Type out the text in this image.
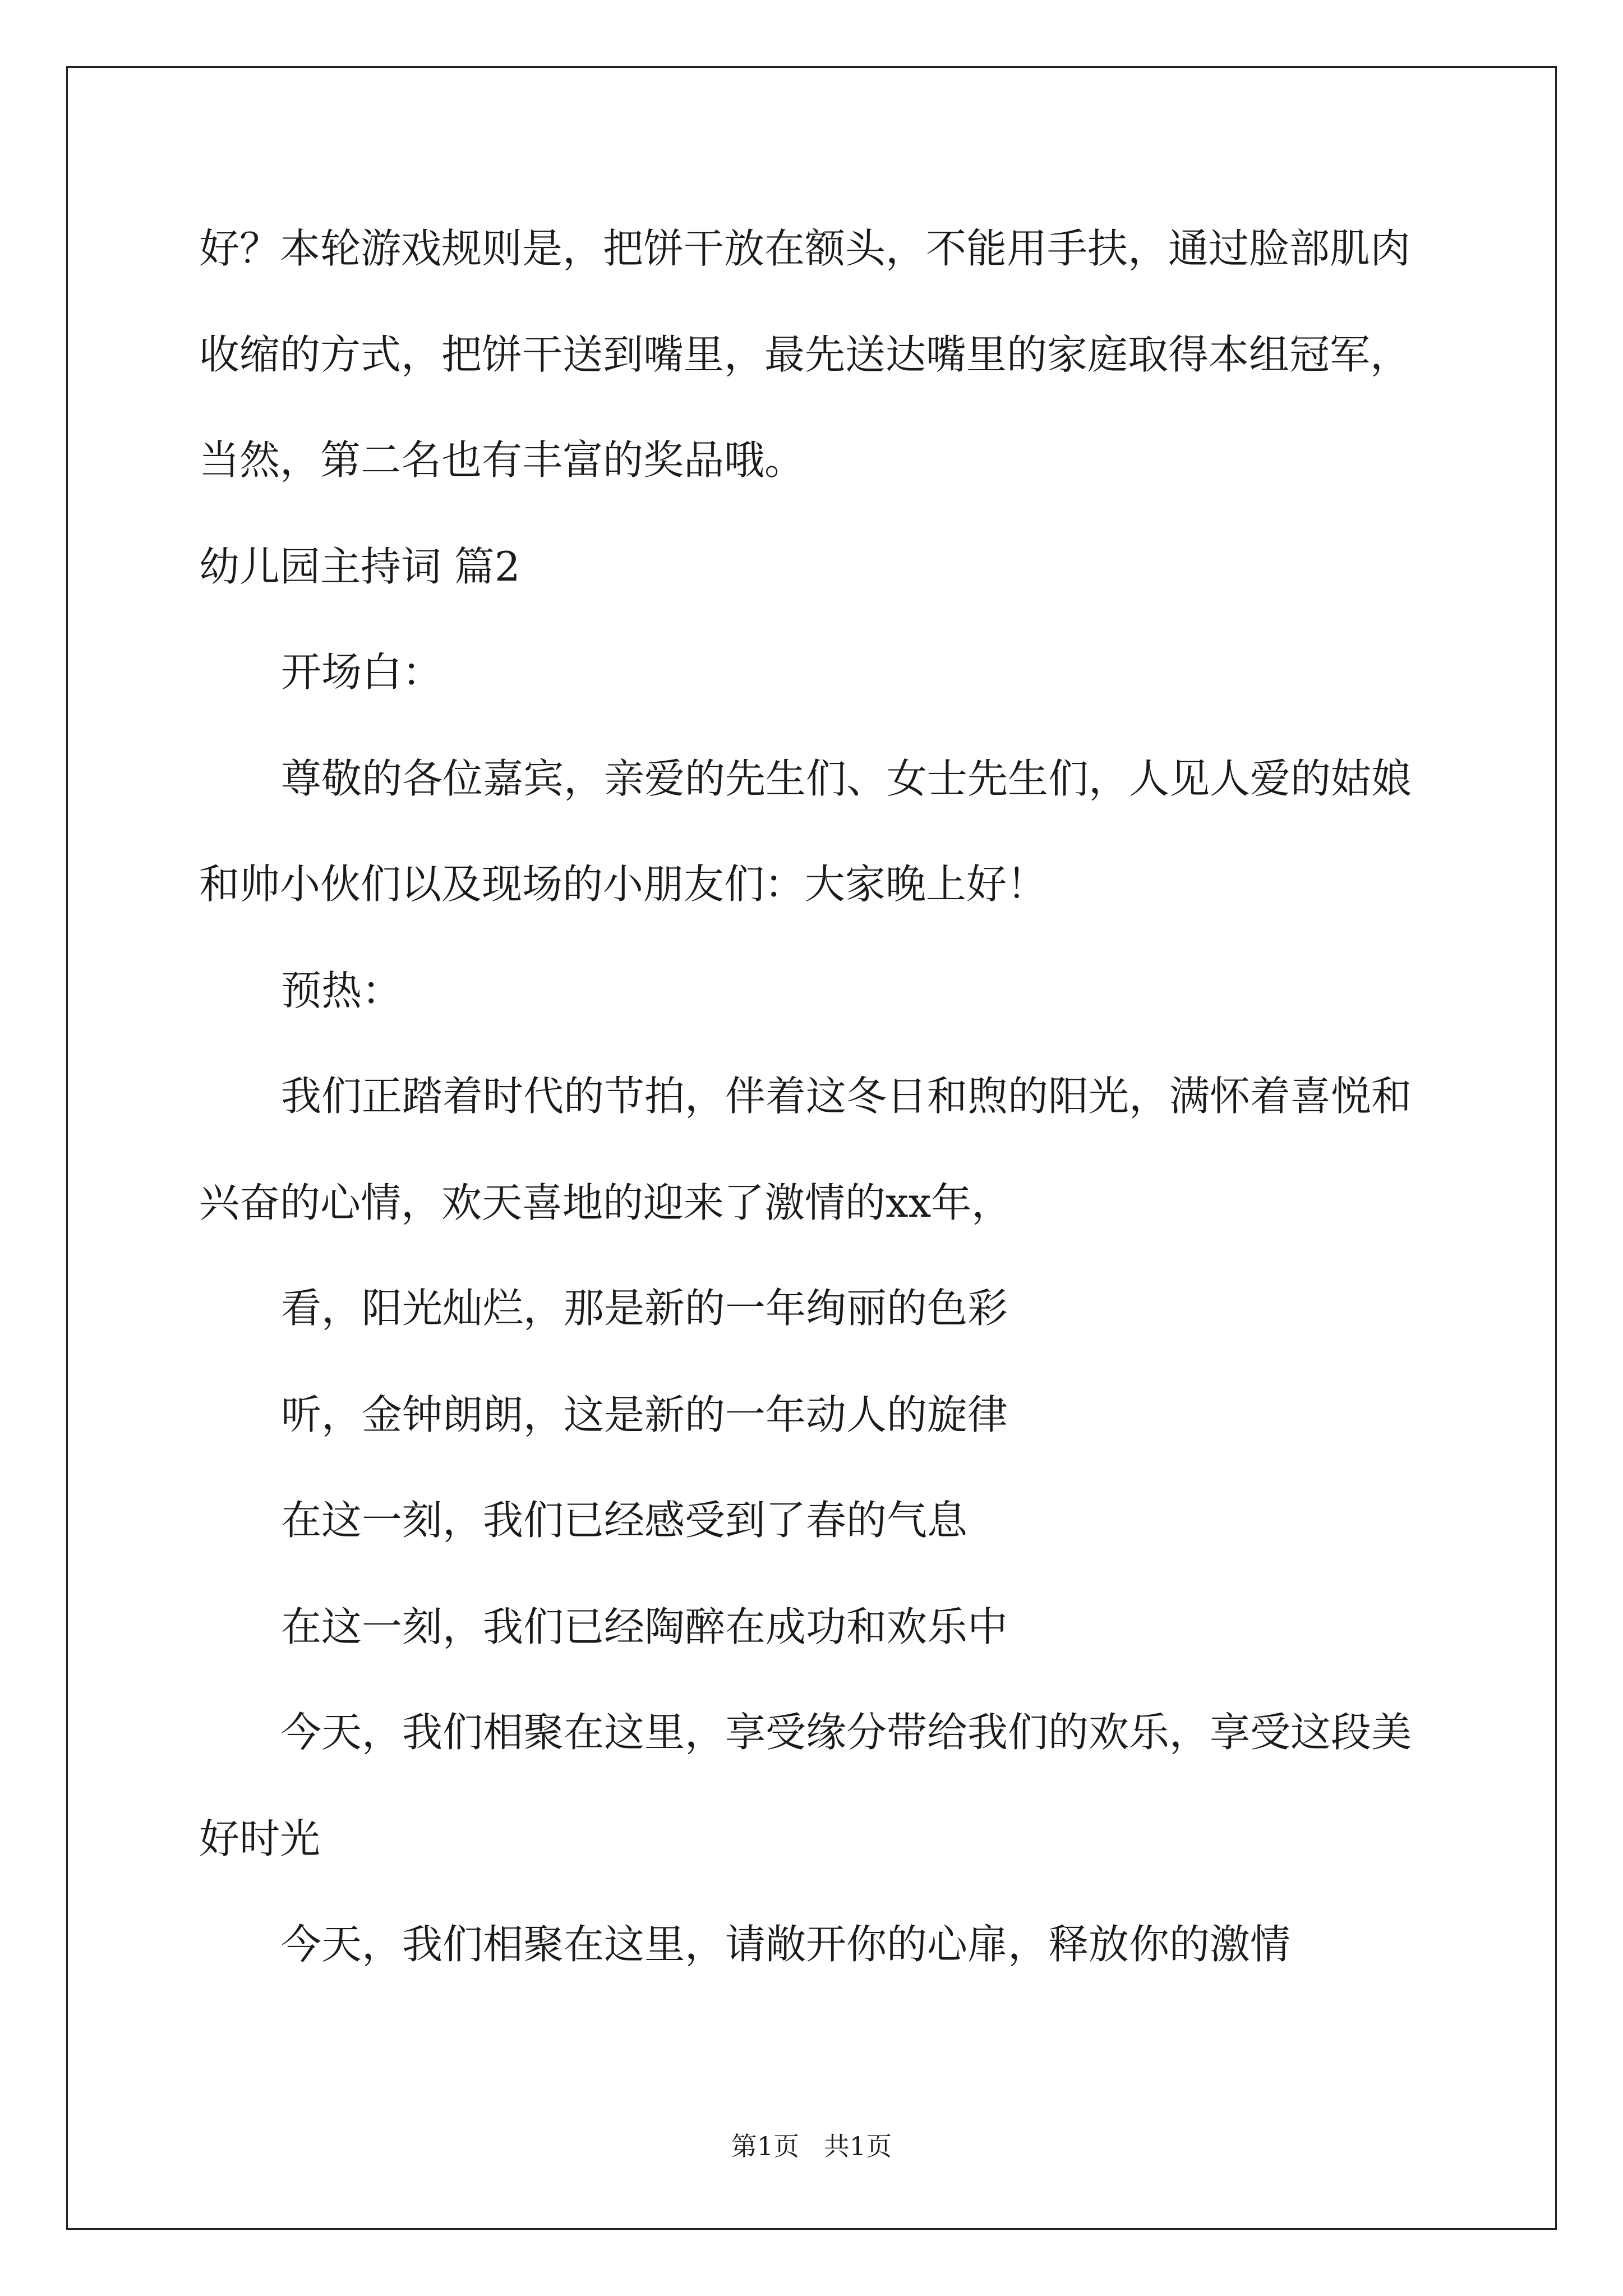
好？本轮游戏规则是，把饼干放在额头，不能用手扶，通过脸部肌肉
收缩的方式，把饼干送到嘴里，最先送达嘴里的家庭取得本组冠军，
当然，第二名也有丰富的奖品哦。
幼儿园主持词 篇2
开场白：
尊敬的各位嘉宾，亲爱的先生们、女士先生们，人见人爱的姑娘
和帅小伙们以及现场的小朋友们：大家晚上好！
预热：
我们正踏着时代的节拍，伴着这冬日和煦的阳光，满怀着喜悦和
兴奋的心情，欢天喜地的迎来了激情的xx年，
看，阳光灿烂，那是新的一年绚丽的色彩
听，金钟朗朗，这是新的一年动人的旋律
在这一刻，我们已经感受到了春的气息
在这一刻，我们已经陶醉在成功和欢乐中
今天，我们相聚在这里，享受缘分带给我们的欢乐，享受这段美
好时光
今天，我们相聚在这里，请敞开你的心扉，释放你的激情
第1页   共1页
